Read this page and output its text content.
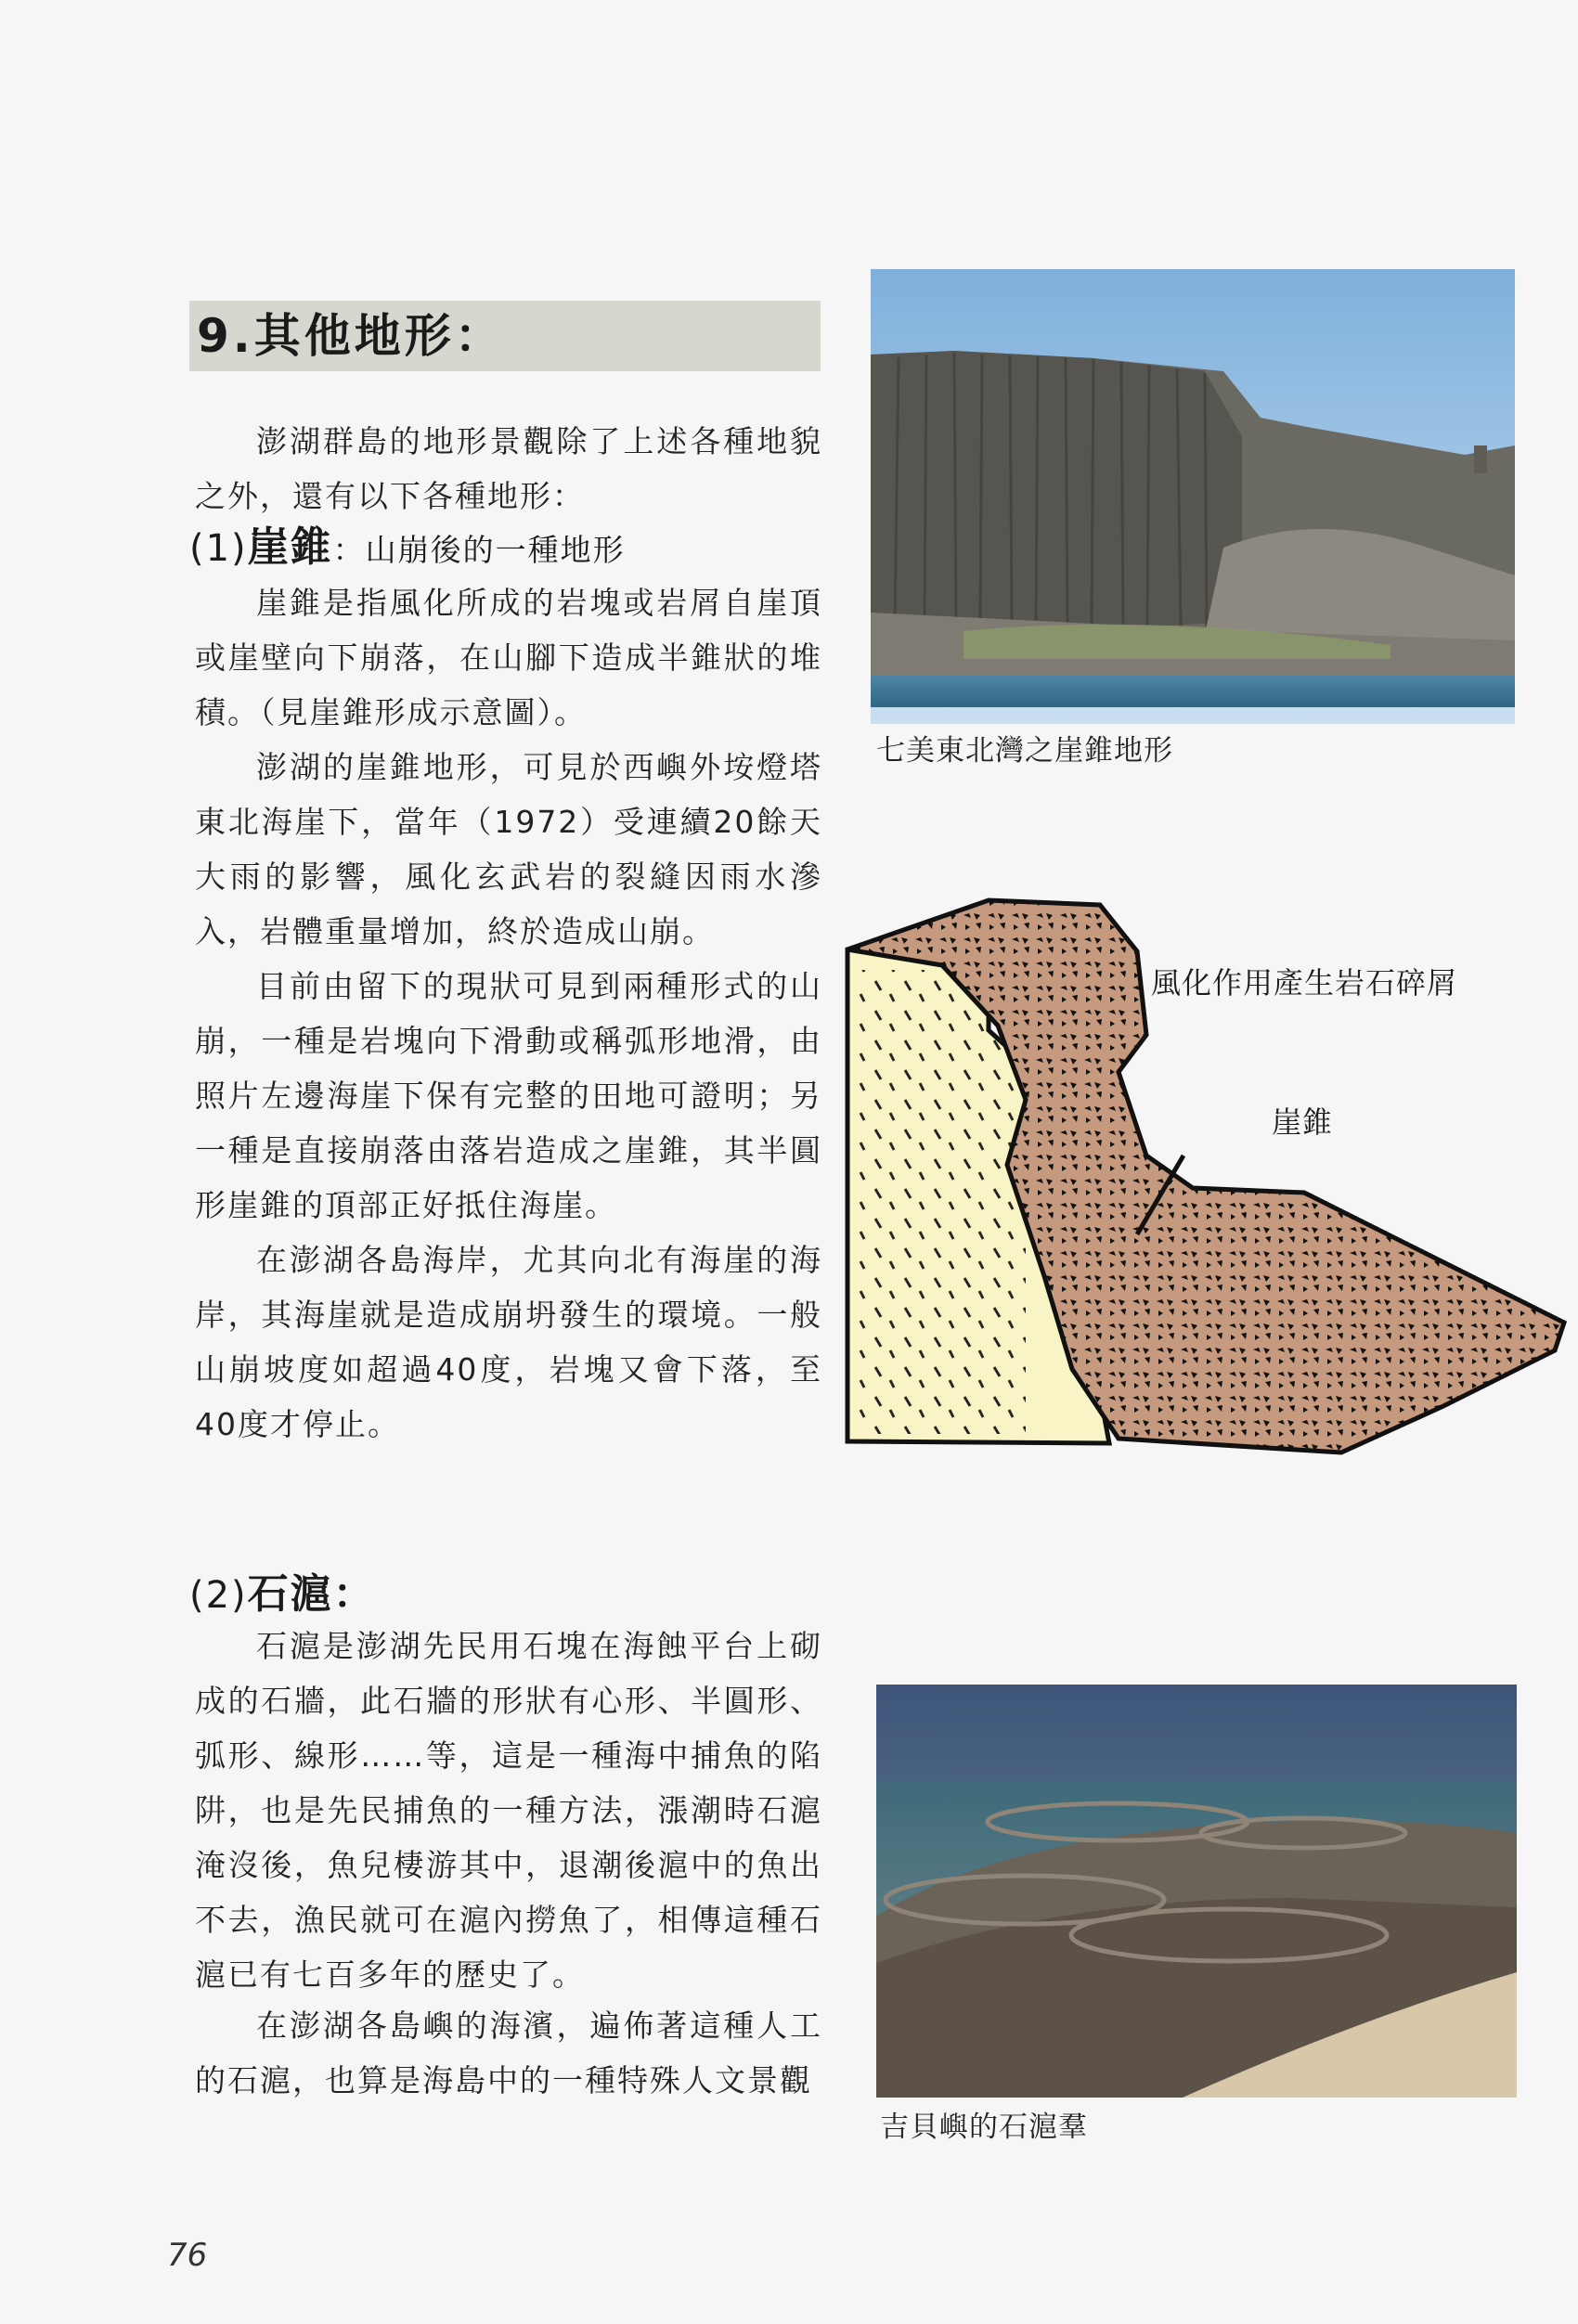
9.其他地形：

澎湖群島的地形景觀除了上述各種地貌之外，還有以下各種地形：

(1)崖錐：山崩後的一種地形

崖錐是指風化所成的岩塊或岩屑自崖頂或崖壁向下崩落，在山腳下造成半錐狀的堆積。（見崖錐形成示意圖）。

澎湖的崖錐地形，可見於西嶼外垵燈塔東北海崖下，當年（1972）受連續20餘天大雨的影響，風化玄武岩的裂縫因雨水滲入，岩體重量增加，終於造成山崩。

目前由留下的現狀可見到兩種形式的山崩，一種是岩塊向下滑動或稱弧形地滑，由照片左邊海崖下保有完整的田地可證明；另一種是直接崩落由落岩造成之崖錐，其半圓形崖錐的頂部正好抵住海崖。

在澎湖各島海岸，尤其向北有海崖的海岸，其海崖就是造成崩坍發生的環境。一般山崩坡度如超過40度，岩塊又會下落，至40度才停止。

七美東北灣之崖錐地形
風化作用產生岩石碎屑
崖錐
(2)石滬：

石滬是澎湖先民用石塊在海蝕平台上砌成的石牆，此石牆的形狀有心形、半圓形、弧形、線形……等，這是一種海中捕魚的陷阱，也是先民捕魚的一種方法，漲潮時石滬淹沒後，魚兒棲游其中，退潮後滬中的魚出不去，漁民就可在滬內撈魚了，相傳這種石滬已有七百多年的歷史了。

在澎湖各島嶼的海濱，遍佈著這種人工的石滬，也算是海島中的一種特殊人文景觀

吉貝嶼的石滬羣
76
